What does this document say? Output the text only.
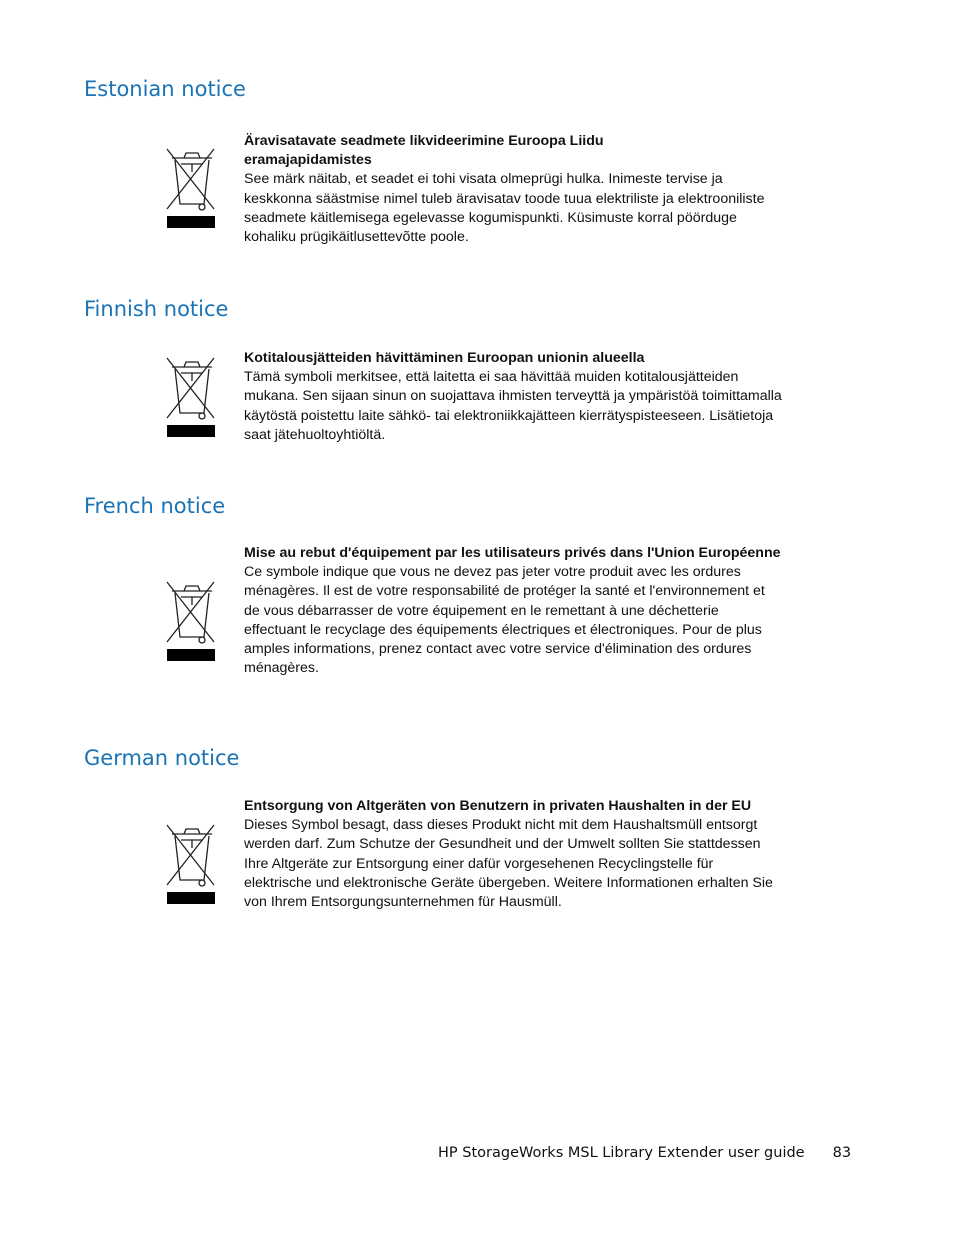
Estonian notice
Äravisatavate seadmete likvideerimine Euroopa Liidu eramajapidamistes
See märk näitab, et seadet ei tohi visata olmeprügi hulka. Inimeste tervise ja keskkonna säästmise nimel tuleb äravisatav toode tuua elektriliste ja elektrooniliste seadmete käitlemisega egelevasse kogumispunkti. Küsimuste korral pöörduge kohaliku prügikäitlusettevõtte poole.
Finnish notice
Kotitalousjätteiden hävittäminen Euroopan unionin alueella
Tämä symboli merkitsee, että laitetta ei saa hävittää muiden kotitalousjätteiden mukana. Sen sijaan sinun on suojattava ihmisten terveyttä ja ympäristöä toimittamalla käytöstä poistettu laite sähkö- tai elektroniikkajätteen kierrätyspisteeseen. Lisätietoja saat jätehuoltoyhtiöltä.
French notice
Mise au rebut d'équipement par les utilisateurs privés dans l'Union Européenne
Ce symbole indique que vous ne devez pas jeter votre produit avec les ordures ménagères. Il est de votre responsabilité de protéger la santé et l'environnement et de vous débarrasser de votre équipement en le remettant à une déchetterie effectuant le recyclage des équipements électriques et électroniques. Pour de plus amples informations, prenez contact avec votre service d'élimination des ordures ménagères.
German notice
Entsorgung von Altgeräten von Benutzern in privaten Haushalten in der EU
Dieses Symbol besagt, dass dieses Produkt nicht mit dem Haushaltsmüll entsorgt werden darf. Zum Schutze der Gesundheit und der Umwelt sollten Sie stattdessen Ihre Altgeräte zur Entsorgung einer dafür vorgesehenen Recyclingstelle für elektrische und elektronische Geräte übergeben. Weitere Informationen erhalten Sie von Ihrem Entsorgungsunternehmen für Hausmüll.
HP StorageWorks MSL Library Extender user guide 83
